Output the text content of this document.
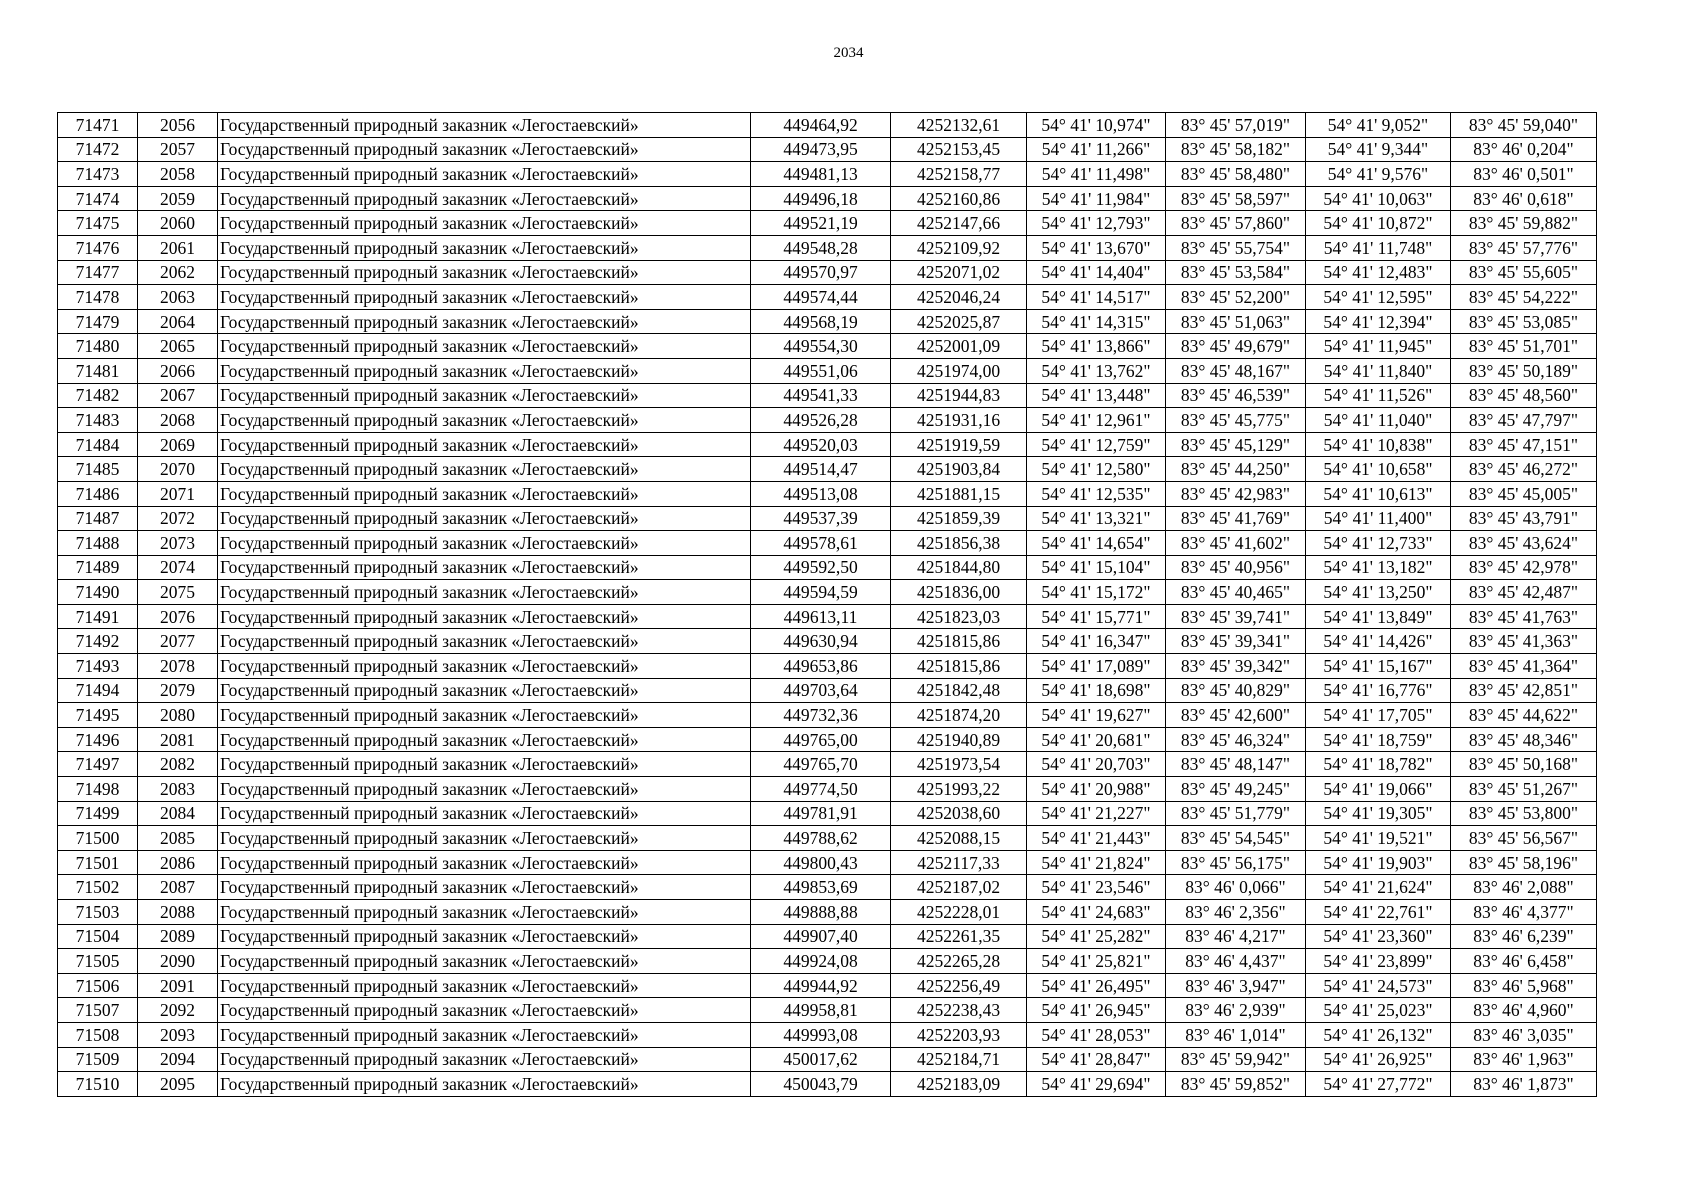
2034
71471	2056	Государственный природный заказник «Легостаевский»	449464,92	4252132,61	54° 41' 10,974"	83° 45' 57,019"	54° 41' 9,052"	83° 45' 59,040"
71472	2057	Государственный природный заказник «Легостаевский»	449473,95	4252153,45	54° 41' 11,266"	83° 45' 58,182"	54° 41' 9,344"	83° 46' 0,204"
71473	2058	Государственный природный заказник «Легостаевский»	449481,13	4252158,77	54° 41' 11,498"	83° 45' 58,480"	54° 41' 9,576"	83° 46' 0,501"
71474	2059	Государственный природный заказник «Легостаевский»	449496,18	4252160,86	54° 41' 11,984"	83° 45' 58,597"	54° 41' 10,063"	83° 46' 0,618"
71475	2060	Государственный природный заказник «Легостаевский»	449521,19	4252147,66	54° 41' 12,793"	83° 45' 57,860"	54° 41' 10,872"	83° 45' 59,882"
71476	2061	Государственный природный заказник «Легостаевский»	449548,28	4252109,92	54° 41' 13,670"	83° 45' 55,754"	54° 41' 11,748"	83° 45' 57,776"
71477	2062	Государственный природный заказник «Легостаевский»	449570,97	4252071,02	54° 41' 14,404"	83° 45' 53,584"	54° 41' 12,483"	83° 45' 55,605"
71478	2063	Государственный природный заказник «Легостаевский»	449574,44	4252046,24	54° 41' 14,517"	83° 45' 52,200"	54° 41' 12,595"	83° 45' 54,222"
71479	2064	Государственный природный заказник «Легостаевский»	449568,19	4252025,87	54° 41' 14,315"	83° 45' 51,063"	54° 41' 12,394"	83° 45' 53,085"
71480	2065	Государственный природный заказник «Легостаевский»	449554,30	4252001,09	54° 41' 13,866"	83° 45' 49,679"	54° 41' 11,945"	83° 45' 51,701"
71481	2066	Государственный природный заказник «Легостаевский»	449551,06	4251974,00	54° 41' 13,762"	83° 45' 48,167"	54° 41' 11,840"	83° 45' 50,189"
71482	2067	Государственный природный заказник «Легостаевский»	449541,33	4251944,83	54° 41' 13,448"	83° 45' 46,539"	54° 41' 11,526"	83° 45' 48,560"
71483	2068	Государственный природный заказник «Легостаевский»	449526,28	4251931,16	54° 41' 12,961"	83° 45' 45,775"	54° 41' 11,040"	83° 45' 47,797"
71484	2069	Государственный природный заказник «Легостаевский»	449520,03	4251919,59	54° 41' 12,759"	83° 45' 45,129"	54° 41' 10,838"	83° 45' 47,151"
71485	2070	Государственный природный заказник «Легостаевский»	449514,47	4251903,84	54° 41' 12,580"	83° 45' 44,250"	54° 41' 10,658"	83° 45' 46,272"
71486	2071	Государственный природный заказник «Легостаевский»	449513,08	4251881,15	54° 41' 12,535"	83° 45' 42,983"	54° 41' 10,613"	83° 45' 45,005"
71487	2072	Государственный природный заказник «Легостаевский»	449537,39	4251859,39	54° 41' 13,321"	83° 45' 41,769"	54° 41' 11,400"	83° 45' 43,791"
71488	2073	Государственный природный заказник «Легостаевский»	449578,61	4251856,38	54° 41' 14,654"	83° 45' 41,602"	54° 41' 12,733"	83° 45' 43,624"
71489	2074	Государственный природный заказник «Легостаевский»	449592,50	4251844,80	54° 41' 15,104"	83° 45' 40,956"	54° 41' 13,182"	83° 45' 42,978"
71490	2075	Государственный природный заказник «Легостаевский»	449594,59	4251836,00	54° 41' 15,172"	83° 45' 40,465"	54° 41' 13,250"	83° 45' 42,487"
71491	2076	Государственный природный заказник «Легостаевский»	449613,11	4251823,03	54° 41' 15,771"	83° 45' 39,741"	54° 41' 13,849"	83° 45' 41,763"
71492	2077	Государственный природный заказник «Легостаевский»	449630,94	4251815,86	54° 41' 16,347"	83° 45' 39,341"	54° 41' 14,426"	83° 45' 41,363"
71493	2078	Государственный природный заказник «Легостаевский»	449653,86	4251815,86	54° 41' 17,089"	83° 45' 39,342"	54° 41' 15,167"	83° 45' 41,364"
71494	2079	Государственный природный заказник «Легостаевский»	449703,64	4251842,48	54° 41' 18,698"	83° 45' 40,829"	54° 41' 16,776"	83° 45' 42,851"
71495	2080	Государственный природный заказник «Легостаевский»	449732,36	4251874,20	54° 41' 19,627"	83° 45' 42,600"	54° 41' 17,705"	83° 45' 44,622"
71496	2081	Государственный природный заказник «Легостаевский»	449765,00	4251940,89	54° 41' 20,681"	83° 45' 46,324"	54° 41' 18,759"	83° 45' 48,346"
71497	2082	Государственный природный заказник «Легостаевский»	449765,70	4251973,54	54° 41' 20,703"	83° 45' 48,147"	54° 41' 18,782"	83° 45' 50,168"
71498	2083	Государственный природный заказник «Легостаевский»	449774,50	4251993,22	54° 41' 20,988"	83° 45' 49,245"	54° 41' 19,066"	83° 45' 51,267"
71499	2084	Государственный природный заказник «Легостаевский»	449781,91	4252038,60	54° 41' 21,227"	83° 45' 51,779"	54° 41' 19,305"	83° 45' 53,800"
71500	2085	Государственный природный заказник «Легостаевский»	449788,62	4252088,15	54° 41' 21,443"	83° 45' 54,545"	54° 41' 19,521"	83° 45' 56,567"
71501	2086	Государственный природный заказник «Легостаевский»	449800,43	4252117,33	54° 41' 21,824"	83° 45' 56,175"	54° 41' 19,903"	83° 45' 58,196"
71502	2087	Государственный природный заказник «Легостаевский»	449853,69	4252187,02	54° 41' 23,546"	83° 46' 0,066"	54° 41' 21,624"	83° 46' 2,088"
71503	2088	Государственный природный заказник «Легостаевский»	449888,88	4252228,01	54° 41' 24,683"	83° 46' 2,356"	54° 41' 22,761"	83° 46' 4,377"
71504	2089	Государственный природный заказник «Легостаевский»	449907,40	4252261,35	54° 41' 25,282"	83° 46' 4,217"	54° 41' 23,360"	83° 46' 6,239"
71505	2090	Государственный природный заказник «Легостаевский»	449924,08	4252265,28	54° 41' 25,821"	83° 46' 4,437"	54° 41' 23,899"	83° 46' 6,458"
71506	2091	Государственный природный заказник «Легостаевский»	449944,92	4252256,49	54° 41' 26,495"	83° 46' 3,947"	54° 41' 24,573"	83° 46' 5,968"
71507	2092	Государственный природный заказник «Легостаевский»	449958,81	4252238,43	54° 41' 26,945"	83° 46' 2,939"	54° 41' 25,023"	83° 46' 4,960"
71508	2093	Государственный природный заказник «Легостаевский»	449993,08	4252203,93	54° 41' 28,053"	83° 46' 1,014"	54° 41' 26,132"	83° 46' 3,035"
71509	2094	Государственный природный заказник «Легостаевский»	450017,62	4252184,71	54° 41' 28,847"	83° 45' 59,942"	54° 41' 26,925"	83° 46' 1,963"
71510	2095	Государственный природный заказник «Легостаевский»	450043,79	4252183,09	54° 41' 29,694"	83° 45' 59,852"	54° 41' 27,772"	83° 46' 1,873"
